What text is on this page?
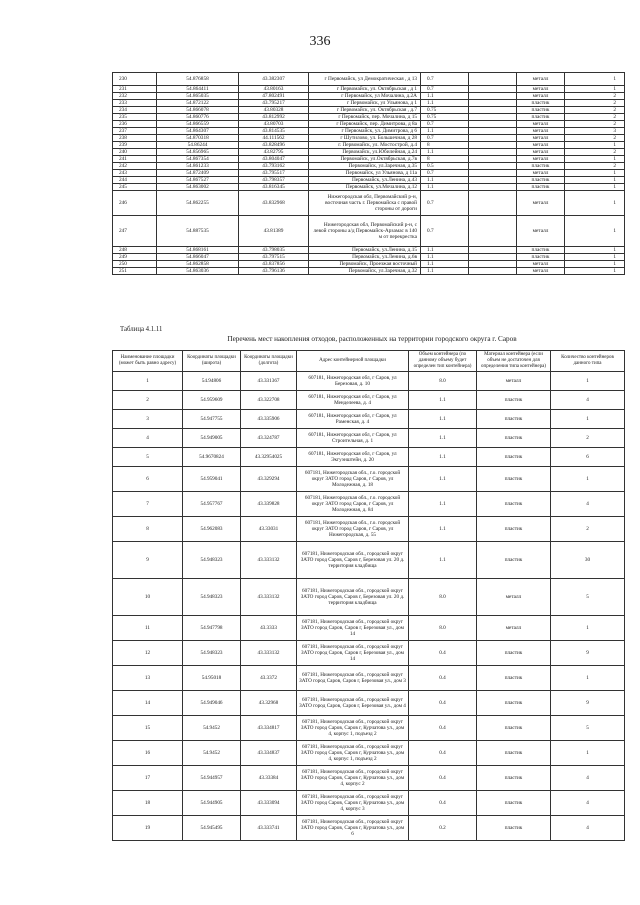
336
230	54.876858	43.382307	г Первомайск, ул Демократическая , д 13	0.7		металл	1
231	54.864411	43.80163	г Первомайск, ул. Октябрьская , д 1	0.7		металл	1
232	54.865035	47.802491	г Первомайск, ул Мочалина, д.2А	1.1		металл	2
233	54.872122	43.795217	г Первомайск, ул Ульянова, д 1	1.1		пластик	2
234	54.866078	43.80328	г Первомайск, ул. Октябрьская , д.7	0.75		пластик	2
235	54.860776	43.812992	г Первомайск, пер. Мочалина, д 15	0.75		пластик	2
236	54.866559	43.80703	г Первомайск, пер. Димитрова, д 8а	0.7		металл	2
237	54.864307	43.814535	г Первомайск, ул. Димитрова, д 6	1.1		металл	3
238	54.870318	44.111562	г Шутилово, ул. Большечная, д 28	0.7		металл	2
239	54.86244	43.828496	г. Первомайск, ул. Мостострой, д.4	8		металл	1
240	54.856965	43.82795	Первомайск, ул.Юбилейная, д.24	1.1		металл	2
241	54.867354	43.804047	Первомайск, ул.Октябрьская, д.7в	8		металл	1
242	54.861233	43.793162	Первомайск, ул.Заречная, д.35	0.5		пластик	2
243	54.872409	43.795517	Первомайск, ул Ульянова, д 11а	0.7		металл	1
244	54.867527	43.798357	Первомайск, ул.Ленина, д.43	1.1		пластик	1
245	54.863002	43.816345	Первомайск, ул.Мочалина, д.12	1.1		пластик	1
246	54.862255	43.832968	Нижегородская обл, Первомайский р-н, восточная часть г. Первомайска с правой стороны от дороги	0.7		металл	1
247	54.887535	43.81389	Нижегородская обл, Первомайский р-н, с левой стороны а/д Первомайск-Арзамас в 140 м от перекрестка	0.7		металл	1
248	54.868161	43.798035	Первомайск, ул.Ленина, д.15	1.1		пластик	1
249	54.866047	43.797515	Первомайск, ул.Ленина, д.6в	1.1		пластик	1
250	54.862858	43.837856	Первомайск, Проезжая восточный	1.1		металл	1
251	54.863036	43.796136	Первомайск, ул.Заречная, д.32	1.1		металл	1
Таблица 4.1.11
Перечень мест накопления отходов, расположенных на территории городского округа г. Саров
Наименование площадки (может быть равно адресу)	Координаты площадки (широта)	Координаты площадки (долгота)	Адрес контейнерной площадки	Объем контейнера (по данному объему будет определен тип контейнера)	Материал контейнера (если объем не достаточен для определения типа контейнера)	Количество контейнеров данного типа
1	54.94806	43.331367	607181, Нижегородская обл, г Саров, ул Березовая, д. 10	8.0	металл	1
2	54.959609	43.322708	607181, Нижегородская обл, г Саров, ул Менделеева, д. 4	1.1	пластик	4
3	54.947755	43.335906	607181, Нижегородская обл, г Саров, ул Раменская, д. 4	1.1	пластик	1
4	54.949005	43.324787	607181, Нижегородская обл, г Саров, ул Строительная, д. 1	1.1	пластик	2
5	54.9670824	43.32954025	607181, Нижегородская обл, г Саров, ул Экгуэнштейн, д. 20	1.1	пластик	6
6	54.959041	43.329294	607181, Нижегородская обл., г.о. городской округ ЗАТО город Саров, г Саров, ул Молодежная, д. 18	1.1	пластик	1
7	54.957767	43.339828	607181, Нижегородская обл., г.о. городской округ ЗАТО город Саров, г Саров, ул Молодежная, д. 84	1.1	пластик	4
8	54.962083	43.33031	607181, Нижегородская обл., г.о. городской округ ЗАТО город Саров, г Саров, ул Нижегородская, д. 55	1.1	пластик	2
9	54.948323	43.333132	607181, Нижегородская обл., городской округ ЗАТО город Саров, Саров г, Березовая ул. 20 д. территория кладбища	1.1	пластик	30
10	54.948323	43.333132	607181, Нижегородская обл., городской округ ЗАТО город Саров, Саров г, Березовая ул. 20 д. территория кладбища	8.0	металл	5
11	54.947798	43.3333	607181, Нижегородская обл., городской округ ЗАТО город Саров, Саров г, Березовая ул., дом 14	8.0	металл	1
12	54.948323	43.333132	607181, Нижегородская обл., городской округ ЗАТО город Саров, Саров г, Березовая ул., дом 14	0.4	пластик	9
13	54.95018	43.3372	607181, Нижегородская обл., городской округ ЗАТО город Саров, Саров г, Березовая ул., дом 3	0.4	пластик	1
14	54.949046	43.32968	607181, Нижегородская обл., городской округ ЗАТО город Саров, Саров г, Березовая ул., дом 4	0.4	пластик	9
15	54.9452	43.334817	607181, Нижегородская обл., городской округ ЗАТО город Саров, Саров г, Курчатова ул., дом 4, корпус 1, подъезд 2	0.4	пластик	5
16	54.9452	43.334837	607181, Нижегородская обл., городской округ ЗАТО город Саров, Саров г, Курчатова ул., дом 4, корпус 1, подъезд 2	0.4	пластик	1
17	54.944957	43.33384	607181, Нижегородская обл., городской округ ЗАТО город Саров, Саров г, Курчатова ул., дом 4, корпус 2	0.4	пластик	4
18	54.944905	43.333094	607181, Нижегородская обл., городской округ ЗАТО город Саров, Саров г, Курчатова ул., дом 4, корпус 3	0.4	пластик	4
19	54.945495	43.333741	607181, Нижегородская обл., городской округ ЗАТО город Саров, Саров г, Курчатова ул., дом 6	0.2	пластик	4
